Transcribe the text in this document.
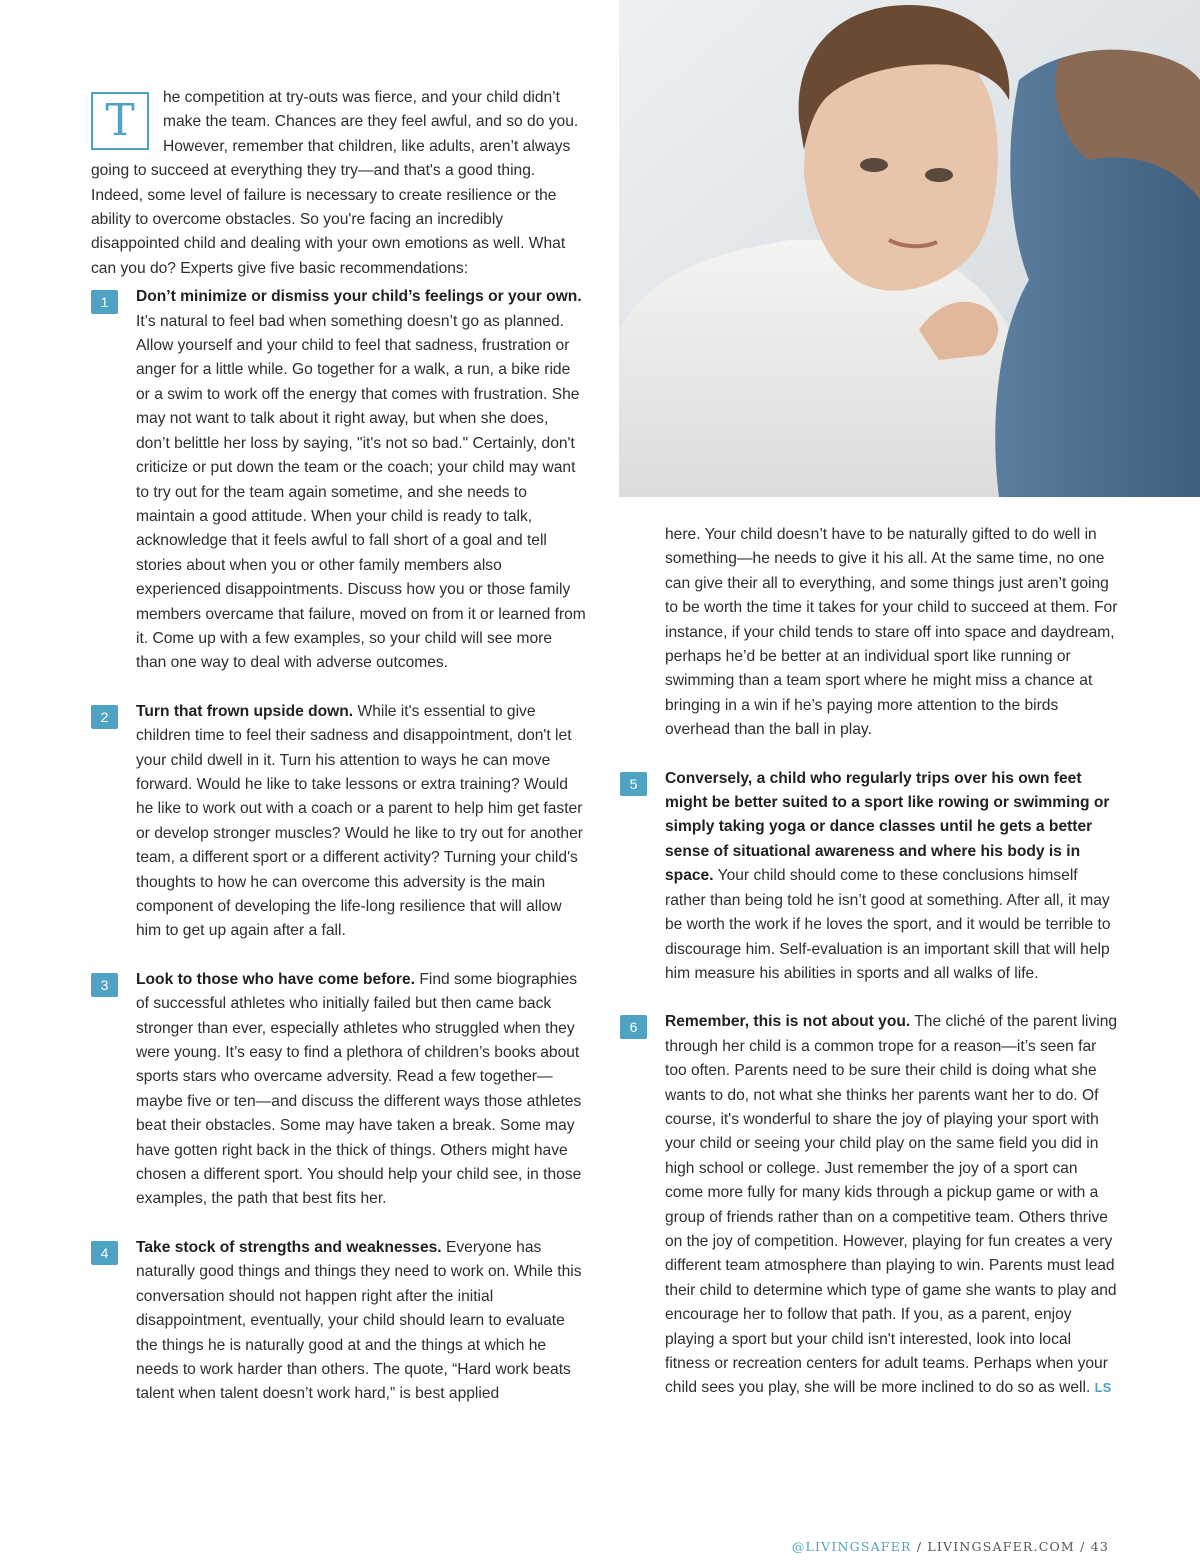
T	he competition at try-outs was fierce, and your child didn’t make the team. Chances are they feel awful, and so do you. However, remember that children, like adults, aren’t always going to succeed at everything they try—and that's a good thing. Indeed, some level of failure is necessary to create resilience or the ability to overcome obstacles. So you're facing an incredibly disappointed child and dealing with your own emotions as well. What can you do? Experts give five basic recommendations:

1	Don’t minimize or dismiss your child’s feelings or your own. It’s natural to feel bad when something doesn’t go as planned. Allow yourself and your child to feel that sadness, frustration or anger for a little while. Go together for a walk, a run, a bike ride or a swim to work off the energy that comes with frustration. She may not want to talk about it right away, but when she does, don’t belittle her loss by saying, "it's not so bad." Certainly, don't criticize or put down the team or the coach; your child may want to try out for the team again sometime, and she needs to maintain a good attitude. When your child is ready to talk, acknowledge that it feels awful to fall short of a goal and tell stories about when you or other family members also experienced disappointments. Discuss how you or those family members overcame that failure, moved on from it or learned from it. Come up with a few examples, so your child will see more than one way to deal with adverse outcomes.

2	Turn that frown upside down. While it's essential to give children time to feel their sadness and disappointment, don't let your child dwell in it. Turn his attention to ways he can move forward. Would he like to take lessons or extra training? Would he like to work out with a coach or a parent to help him get faster or develop stronger muscles? Would he like to try out for another team, a different sport or a different activity? Turning your child's thoughts to how he can overcome this adversity is the main component of developing the life-long resilience that will allow him to get up again after a fall.

3	Look to those who have come before. Find some biographies of successful athletes who initially failed but then came back stronger than ever, especially athletes who struggled when they were young. It’s easy to find a plethora of children’s books about sports stars who overcame adversity. Read a few together—maybe five or ten—and discuss the different ways those athletes beat their obstacles. Some may have taken a break. Some may have gotten right back in the thick of things. Others might have chosen a different sport. You should help your child see, in those examples, the path that best fits her.

4	Take stock of strengths and weaknesses. Everyone has naturally good things and things they need to work on. While this conversation should not happen right after the initial disappointment, eventually, your child should learn to evaluate the things he is naturally good at and the things at which he needs to work harder than others. The quote, “Hard work beats talent when talent doesn’t work hard,” is best applied

here. Your child doesn’t have to be naturally gifted to do well in something—he needs to give it his all. At the same time, no one can give their all to everything, and some things just aren’t going to be worth the time it takes for your child to succeed at them. For instance, if your child tends to stare off into space and daydream, perhaps he’d be better at an individual sport like running or swimming than a team sport where he might miss a chance at bringing in a win if he’s paying more attention to the birds overhead than the ball in play.

5	Conversely, a child who regularly trips over his own feet might be better suited to a sport like rowing or swimming or simply taking yoga or dance classes until he gets a better sense of situational awareness and where his body is in space. Your child should come to these conclusions himself rather than being told he isn’t good at something. After all, it may be worth the work if he loves the sport, and it would be terrible to discourage him. Self-evaluation is an important skill that will help him measure his abilities in sports and all walks of life.

6	Remember, this is not about you. The cliché of the parent living through her child is a common trope for a reason—it’s seen far too often. Parents need to be sure their child is doing what she wants to do, not what she thinks her parents want her to do. Of course, it's wonderful to share the joy of playing your sport with your child or seeing your child play on the same field you did in high school or college. Just remember the joy of a sport can come more fully for many kids through a pickup game or with a group of friends rather than on a competitive team. Others thrive on the joy of competition. However, playing for fun creates a very different team atmosphere than playing to win. Parents must lead their child to determine which type of game she wants to play and encourage her to follow that path. If you, as a parent, enjoy playing a sport but your child isn't interested, look into local fitness or recreation centers for adult teams. Perhaps when your child sees you play, she will be more inclined to do so as well. LS

@LIVINGSAFER / LIVINGSAFER.COM / 43
